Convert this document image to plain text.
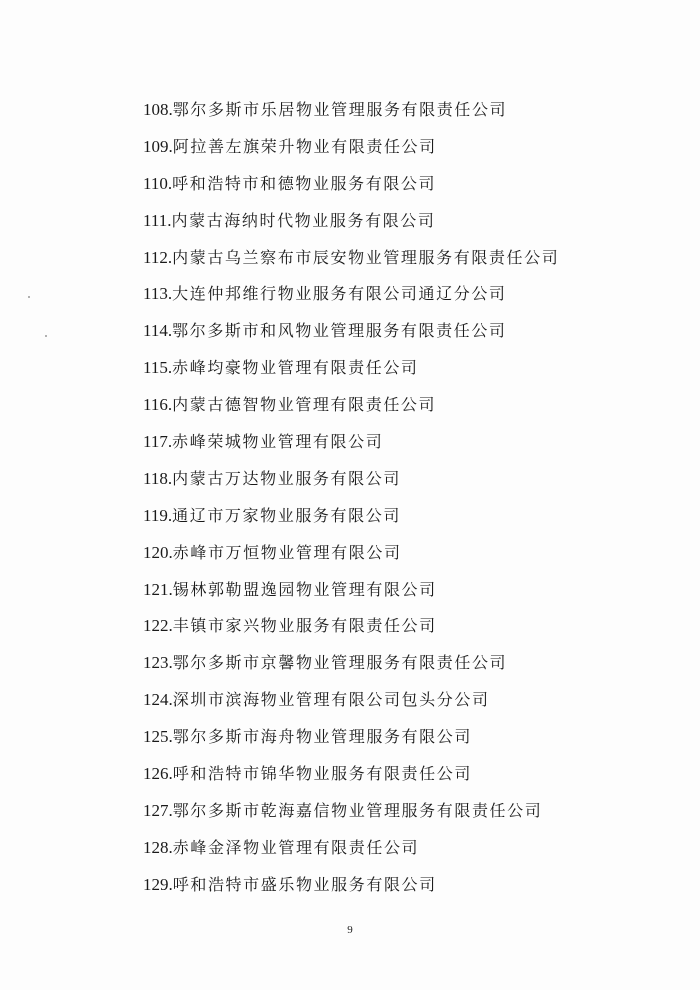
108.鄂尔多斯市乐居物业管理服务有限责任公司
109.阿拉善左旗荣升物业有限责任公司
110.呼和浩特市和德物业服务有限公司
111.内蒙古海纳时代物业服务有限公司
112.内蒙古乌兰察布市辰安物业管理服务有限责任公司
113.大连仲邦维行物业服务有限公司通辽分公司
114.鄂尔多斯市和风物业管理服务有限责任公司
115.赤峰均豪物业管理有限责任公司
116.内蒙古德智物业管理有限责任公司
117.赤峰荣城物业管理有限公司
118.内蒙古万达物业服务有限公司
119.通辽市万家物业服务有限公司
120.赤峰市万恒物业管理有限公司
121.锡林郭勒盟逸园物业管理有限公司
122.丰镇市家兴物业服务有限责任公司
123.鄂尔多斯市京馨物业管理服务有限责任公司
124.深圳市滨海物业管理有限公司包头分公司
125.鄂尔多斯市海舟物业管理服务有限公司
126.呼和浩特市锦华物业服务有限责任公司
127.鄂尔多斯市乾海嘉信物业管理服务有限责任公司
128.赤峰金泽物业管理有限责任公司
129.呼和浩特市盛乐物业服务有限公司
9
